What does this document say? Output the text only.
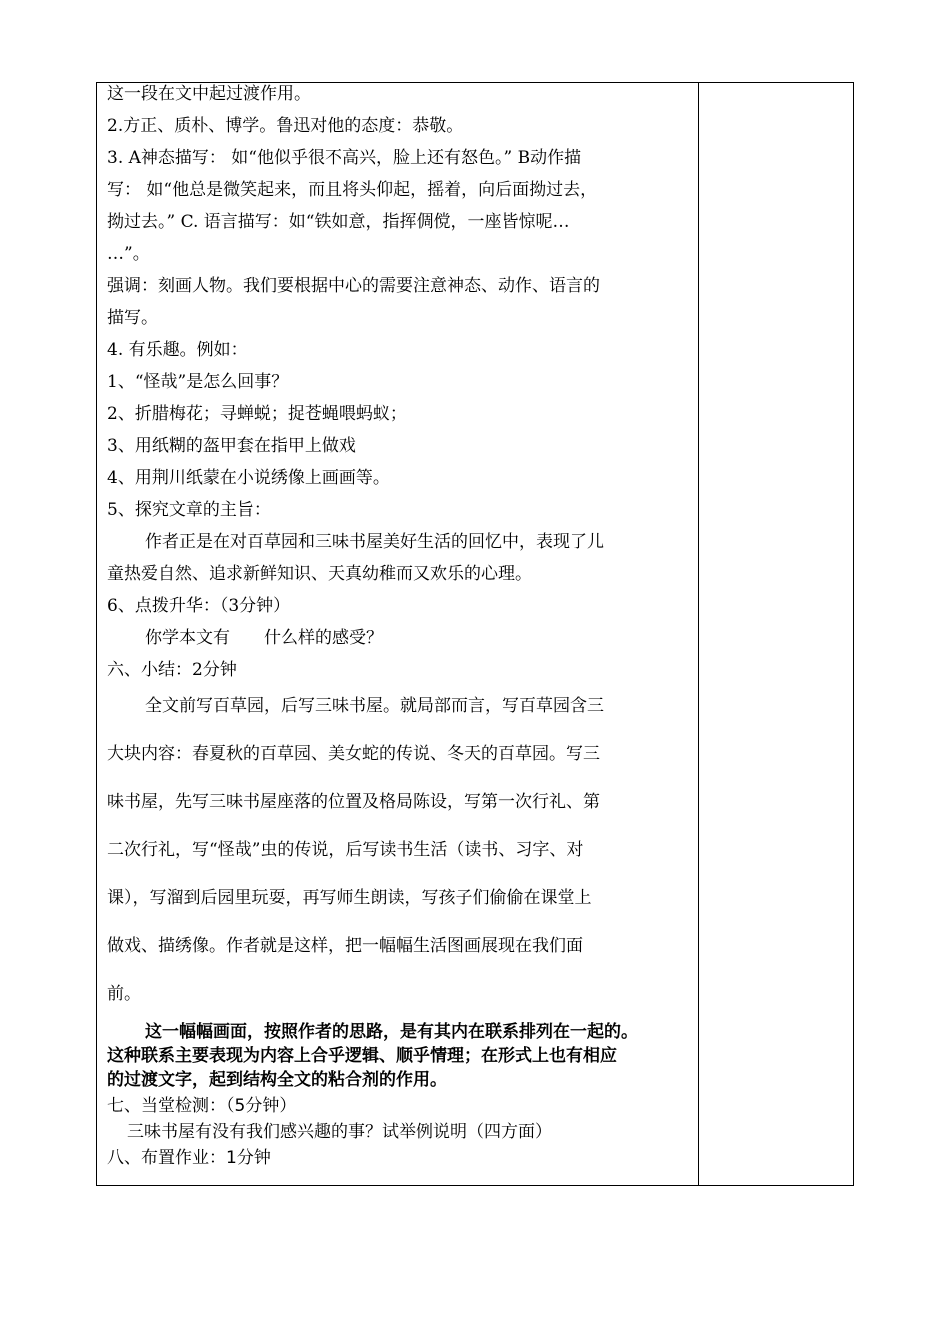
这一段在文中起过渡作用。
2.方正、质朴、博学。鲁迅对他的态度：恭敬。
3. A神态描写： 如“他似乎很不高兴，脸上还有怒色。” B动作描
写： 如“他总是微笑起来，而且将头仰起，摇着，向后面拗过去，
拗过去。” C. 语言描写：如“铁如意，指挥倜傥，一座皆惊呢…
…”。
强调：刻画人物。我们要根据中心的需要注意神态、动作、语言的
描写。
4. 有乐趣。例如：
1、“怪哉”是怎么回事？
2、折腊梅花；寻蝉蜕；捉苍蝇喂蚂蚁；
3、用纸糊的盔甲套在指甲上做戏
4、用荆川纸蒙在小说绣像上画画等。
5、探究文章的主旨：
作者正是在对百草园和三味书屋美好生活的回忆中，表现了儿
童热爱自然、追求新鲜知识、天真幼稚而又欢乐的心理。
6、点拨升华：（3分钟）
你学本文有　　什么样的感受？
六、小结：2分钟
全文前写百草园，后写三味书屋。就局部而言，写百草园含三
大块内容：春夏秋的百草园、美女蛇的传说、冬天的百草园。写三
味书屋，先写三味书屋座落的位置及格局陈设，写第一次行礼、第
二次行礼，写“怪哉”虫的传说，后写读书生活（读书、习字、对
课），写溜到后园里玩耍，再写师生朗读，写孩子们偷偷在课堂上
做戏、描绣像。作者就是这样，把一幅幅生活图画展现在我们面
前。
这一幅幅画面，按照作者的思路，是有其内在联系排列在一起的。
这种联系主要表现为内容上合乎逻辑、顺乎情理；在形式上也有相应
的过渡文字，起到结构全文的粘合剂的作用。
七、当堂检测：（5分钟）
三味书屋有没有我们感兴趣的事？试举例说明（四方面）
八、布置作业：1分钟
